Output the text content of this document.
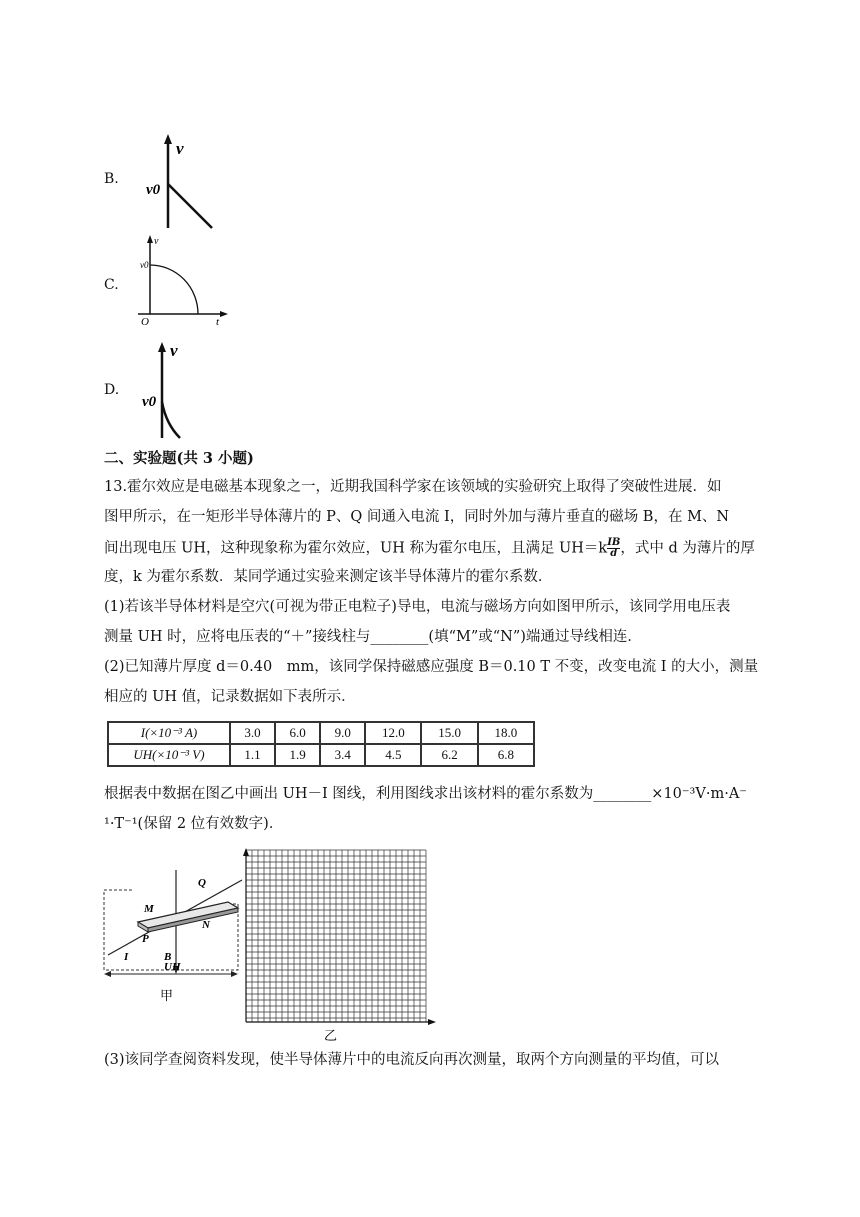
B.
v
v0
C.
v
v0
O	t
D.
v
v0
二、实验题(共 3 小题)
13.霍尔效应是电磁基本现象之一，近期我国科学家在该领域的实验研究上取得了突破性进展．如
图甲所示，在一矩形半导体薄片的 P、Q 间通入电流 I，同时外加与薄片垂直的磁场 B，在 M、N
间出现电压 UH，这种现象称为霍尔效应，UH 称为霍尔电压，且满足 $UH=k \frac{IB}{d}$ ，式中 d 为薄片的厚
度，k 为霍尔系数．某同学通过实验来测定该半导体薄片的霍尔系数．
(1)若该半导体材料是空穴(可视为带正电粒子)导电，电流与磁场方向如图甲所示，该同学用电压表
测量 UH 时，应将电压表的“＋”接线柱与________(填“M”或“N”)端通过导线相连．
(2)已知薄片厚度 d＝0.40　mm，该同学保持磁感应强度 B＝0.10 T 不变，改变电流 I 的大小，测量
相应的 UH 值，记录数据如下表所示．
I(×10⁻³ A)	3.0	6.0	9.0	12.0	15.0	18.0
UH(×10⁻³ V)	1.1	1.9	3.4	4.5	6.2	6.8
根据表中数据在图乙中画出 UH－I 图线，利用图线求出该材料的霍尔系数为________×10⁻³V·m·A⁻
¹·T⁻¹(保留 2 位有效数字)．
M
Q
N
P
I	B
UH
甲
乙
(3)该同学查阅资料发现，使半导体薄片中的电流反向再次测量，取两个方向测量的平均值，可以
